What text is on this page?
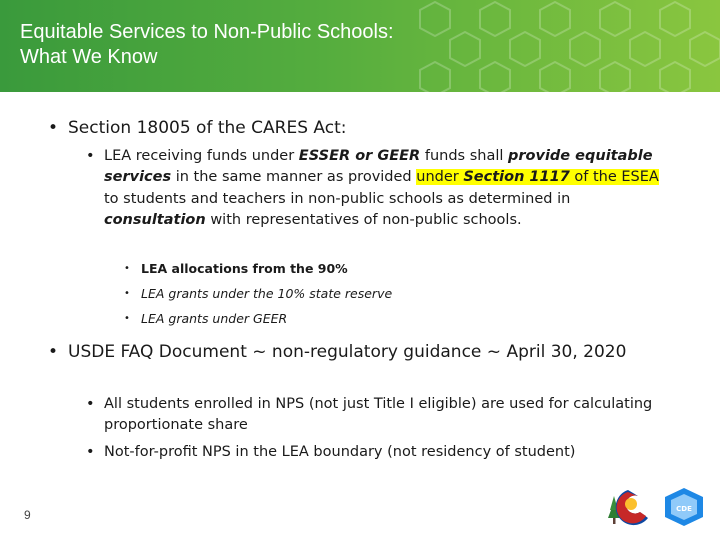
Equitable Services to Non-Public Schools:
What We Know
• Section 18005 of the CARES Act:
• LEA receiving funds under ESSER or GEER funds shall provide equitable services in the same manner as provided under Section 1117 of the ESEA to students and teachers in non-public schools as determined in consultation with representatives of non-public schools.
• LEA allocations from the 90%
• LEA grants under the 10% state reserve
• LEA grants under GEER
• USDE FAQ Document ~ non-regulatory guidance ~ April 30, 2020
• All students enrolled in NPS (not just Title I eligible) are used for calculating proportionate share
• Not-for-profit NPS in the LEA boundary (not residency of student)
9	CDE
